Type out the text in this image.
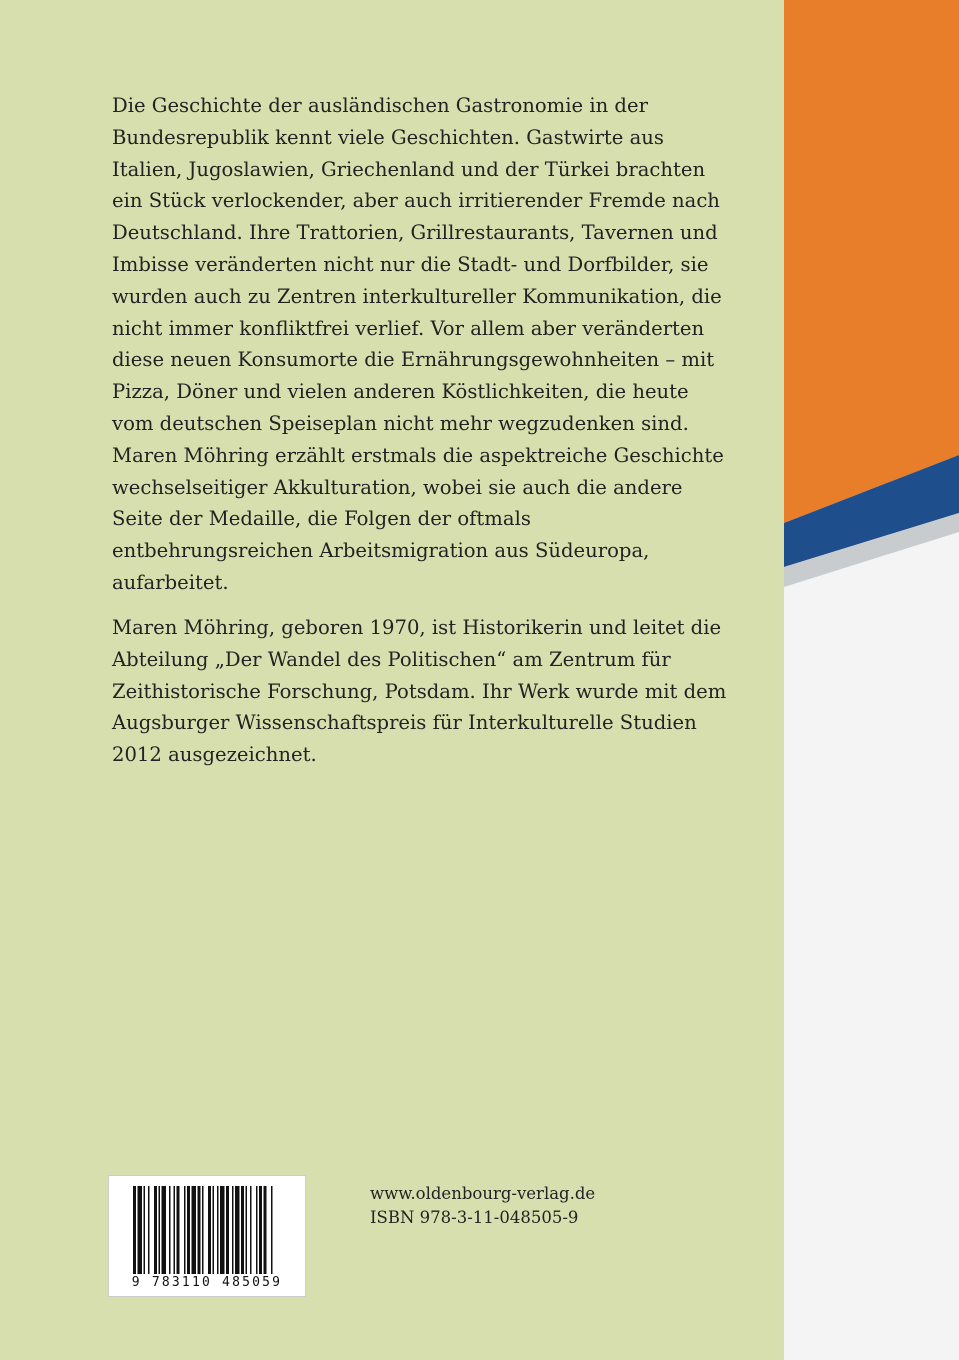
Die Geschichte der ausländischen Gastronomie in der Bundesrepublik kennt viele Geschichten. Gastwirte aus Italien, Jugoslawien, Griechenland und der Türkei brachten ein Stück verlockender, aber auch irritierender Fremde nach Deutschland. Ihre Trattorien, Grillrestaurants, Tavernen und Imbisse veränderten nicht nur die Stadt- und Dorfbilder, sie wurden auch zu Zentren interkultureller Kommunikation, die nicht immer konfliktfrei verlief. Vor allem aber veränderten diese neuen Konsumorte die Ernährungsgewohnheiten – mit Pizza, Döner und vielen anderen Köstlichkeiten, die heute vom deutschen Speiseplan nicht mehr wegzudenken sind. Maren Möhring erzählt erstmals die aspektreiche Geschichte wechselseitiger Akkulturation, wobei sie auch die andere Seite der Medaille, die Folgen der oftmals entbehrungsreichen Arbeitsmigration aus Südeuropa, aufarbeitet.

Maren Möhring, geboren 1970, ist Historikerin und leitet die Abteilung „Der Wandel des Politischen“ am Zentrum für Zeithistorische Forschung, Potsdam. Ihr Werk wurde mit dem Augsburger Wissenschaftspreis für Interkulturelle Studien 2012 ausgezeichnet.

9 783110 485059
www.oldenbourg-verlag.de
ISBN 978-3-11-048505-9
